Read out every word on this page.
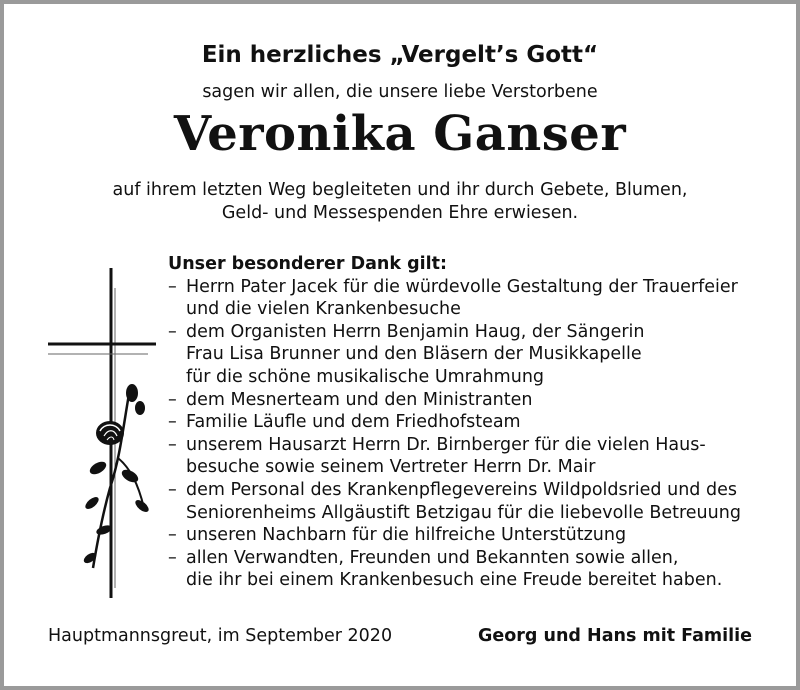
Ein herzliches „Vergelt’s Gott“
sagen wir allen, die unsere liebe Verstorbene
Veronika Ganser
auf ihrem letzten Weg begleiteten und ihr durch Gebete, Blumen,
Geld- und Messespenden Ehre erwiesen.
Unser besonderer Dank gilt:
– Herrn Pater Jacek für die würdevolle Gestaltung der Trauerfeier
und die vielen Krankenbesuche
– dem Organisten Herrn Benjamin Haug, der Sängerin
Frau Lisa Brunner und den Bläsern der Musikkapelle
für die schöne musikalische Umrahmung
– dem Mesnerteam und den Ministranten
– Familie Läufle und dem Friedhofsteam
– unserem Hausarzt Herrn Dr. Birnberger für die vielen Haus-
besuche sowie seinem Vertreter Herrn Dr. Mair
– dem Personal des Krankenpflegevereins Wildpoldsried und des
Seniorenheims Allgäustift Betzigau für die liebevolle Betreuung
– unseren Nachbarn für die hilfreiche Unterstützung
– allen Verwandten, Freunden und Bekannten sowie allen,
die ihr bei einem Krankenbesuch eine Freude bereitet haben.
Hauptmannsgreut, im September 2020	Georg und Hans mit Familie
